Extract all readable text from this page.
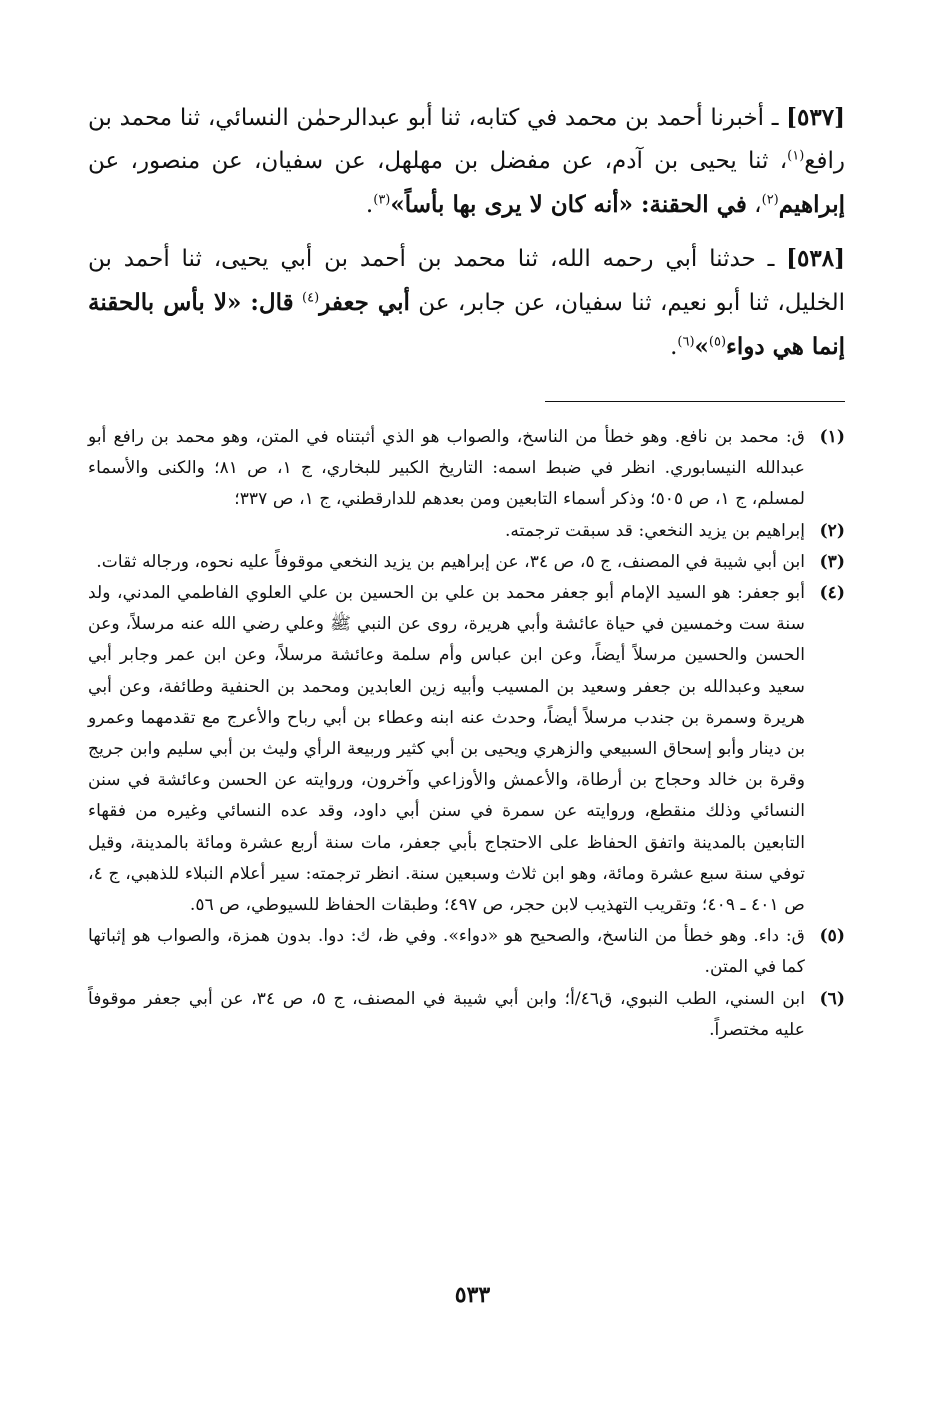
[٥٣٧] ـ أخبرنا أحمد بن محمد في كتابه، ثنا أبو عبدالرحمٰن النسائي، ثنا محمد بن رافع$^{(١)}$، ثنا يحيى بن آدم، عن مفضل بن مهلهل، عن سفيان، عن منصور، عن إبراهيم$^{(٢)}$، في الحقنة: «أنه كان لا يرى بها بأساً»$^{(٣)}$.

[٥٣٨] ـ حدثنا أبي رحمه الله، ثنا محمد بن أحمد بن أبي يحيى، ثنا أحمد بن الخليل، ثنا أبو نعيم، ثنا سفيان، عن جابر، عن أبي جعفر$^{(٤)}$ قال: «لا بأس بالحقنة إنما هي دواء$^{(٥)}$»$^{(٦)}$.

(١)
ق: محمد بن نافع. وهو خطأ من الناسخ، والصواب هو الذي أثبتناه في المتن، وهو محمد بن رافع أبو عبدالله النيسابوري. انظر في ضبط اسمه: التاريخ الكبير للبخاري، ج ١، ص ٨١؛ والكنى والأسماء لمسلم، ج ١، ص ٥٠٥؛ وذكر أسماء التابعين ومن بعدهم للدارقطني، ج ١، ص ٣٣٧؛
(٢)
إبراهيم بن يزيد النخعي: قد سبقت ترجمته.
(٣)
ابن أبي شيبة في المصنف، ج ٥، ص ٣٤، عن إبراهيم بن يزيد النخعي موقوفاً عليه نحوه، ورجاله ثقات.
(٤)
أبو جعفر: هو السيد الإمام أبو جعفر محمد بن علي بن الحسين بن علي العلوي الفاطمي المدني، ولد سنة ست وخمسين في حياة عائشة وأبي هريرة، روى عن النبي ﷺ وعلي رضي الله عنه مرسلاً، وعن الحسن والحسين مرسلاً أيضاً، وعن ابن عباس وأم سلمة وعائشة مرسلاً، وعن ابن عمر وجابر أبي سعيد وعبدالله بن جعفر وسعيد بن المسيب وأبيه زين العابدين ومحمد بن الحنفية وطائفة، وعن أبي هريرة وسمرة بن جندب مرسلاً أيضاً، وحدث عنه ابنه وعطاء بن أبي رباح والأعرج مع تقدمهما وعمرو بن دينار وأبو إسحاق السبيعي والزهري ويحيى بن أبي كثير وربيعة الرأي وليث بن أبي سليم وابن جريج وقرة بن خالد وحجاج بن أرطاة، والأعمش والأوزاعي وآخرون، وروايته عن الحسن وعائشة في سنن النسائي وذلك منقطع، وروايته عن سمرة في سنن أبي داود، وقد عده النسائي وغيره من فقهاء التابعين بالمدينة واتفق الحفاظ على الاحتجاج بأبي جعفر، مات سنة أربع عشرة ومائة بالمدينة، وقيل توفي سنة سبع عشرة ومائة، وهو ابن ثلاث وسبعين سنة. انظر ترجمته: سير أعلام النبلاء للذهبي، ج ٤، ص ٤٠١ ـ ٤٠٩؛ وتقريب التهذيب لابن حجر، ص ٤٩٧؛ وطبقات الحفاظ للسيوطي، ص ٥٦.
(٥)
ق: داء. وهو خطأ من الناسخ، والصحيح هو «دواء». وفي ظ، ك: دوا. بدون همزة، والصواب هو إثباتها كما في المتن.
(٦)
ابن السني، الطب النبوي، ق٤٦/أ؛ وابن أبي شيبة في المصنف، ج ٥، ص ٣٤، عن أبي جعفر موقوفاً عليه مختصراً.
٥٣٣
